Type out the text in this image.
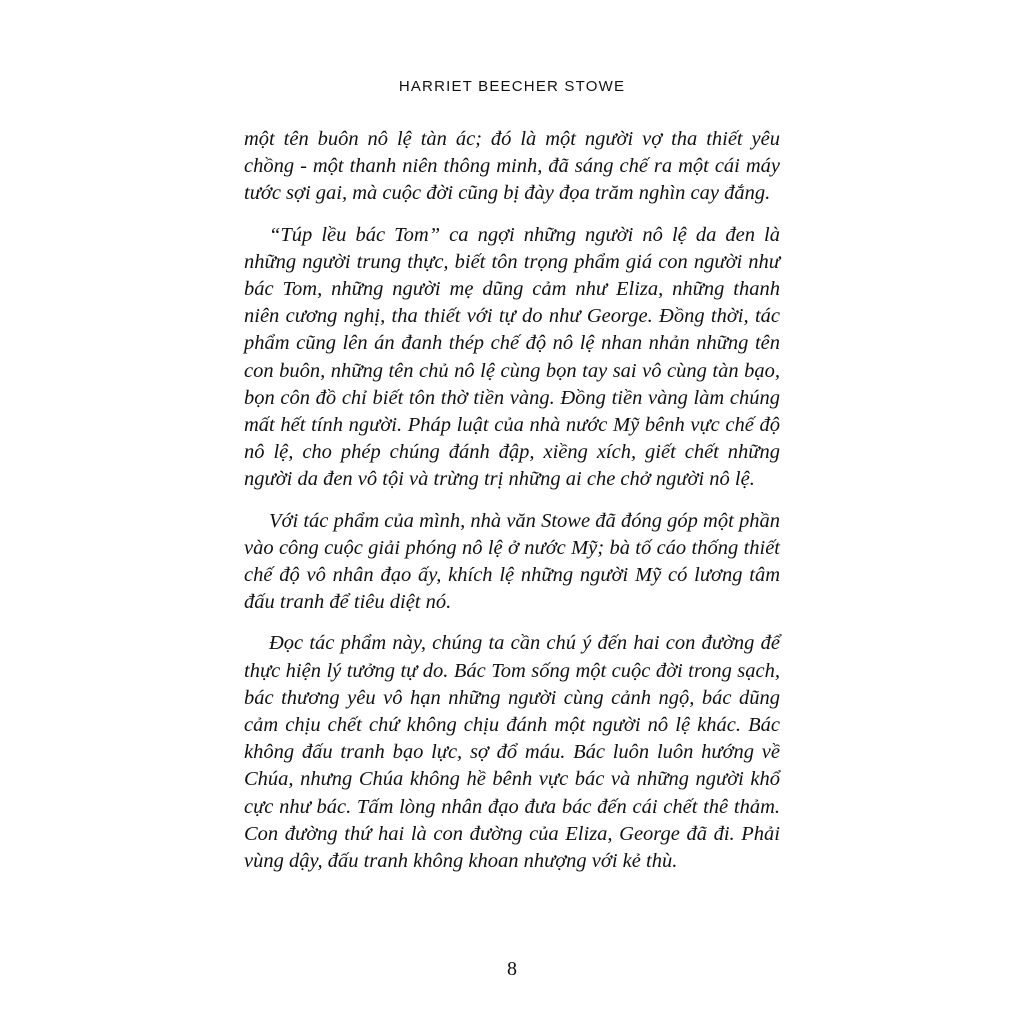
HARRIET BEECHER STOWE

một tên buôn nô lệ tàn ác; đó là một người vợ tha thiết yêu chồng - một thanh niên thông minh, đã sáng chế ra một cái máy tước sợi gai, mà cuộc đời cũng bị đày đọa trăm nghìn cay đắng.

“Túp lều bác Tom” ca ngợi những người nô lệ da đen là những người trung thực, biết tôn trọng phẩm giá con người như bác Tom, những người mẹ dũng cảm như Eliza, những thanh niên cương nghị, tha thiết với tự do như George. Đồng thời, tác phẩm cũng lên án đanh thép chế độ nô lệ nhan nhản những tên con buôn, những tên chủ nô lệ cùng bọn tay sai vô cùng tàn bạo, bọn côn đồ chỉ biết tôn thờ tiền vàng. Đồng tiền vàng làm chúng mất hết tính người. Pháp luật của nhà nước Mỹ bênh vực chế độ nô lệ, cho phép chúng đánh đập, xiềng xích, giết chết những người da đen vô tội và trừng trị những ai che chở người nô lệ.

Với tác phẩm của mình, nhà văn Stowe đã đóng góp một phần vào công cuộc giải phóng nô lệ ở nước Mỹ; bà tố cáo thống thiết chế độ vô nhân đạo ấy, khích lệ những người Mỹ có lương tâm đấu tranh để tiêu diệt nó.

Đọc tác phẩm này, chúng ta cần chú ý đến hai con đường để thực hiện lý tưởng tự do. Bác Tom sống một cuộc đời trong sạch, bác thương yêu vô hạn những người cùng cảnh ngộ, bác dũng cảm chịu chết chứ không chịu đánh một người nô lệ khác. Bác không đấu tranh bạo lực, sợ đổ máu. Bác luôn luôn hướng về Chúa, nhưng Chúa không hề bênh vực bác và những người khổ cực như bác. Tấm lòng nhân đạo đưa bác đến cái chết thê thảm. Con đường thứ hai là con đường của Eliza, George đã đi. Phải vùng dậy, đấu tranh không khoan nhượng với kẻ thù.

8
